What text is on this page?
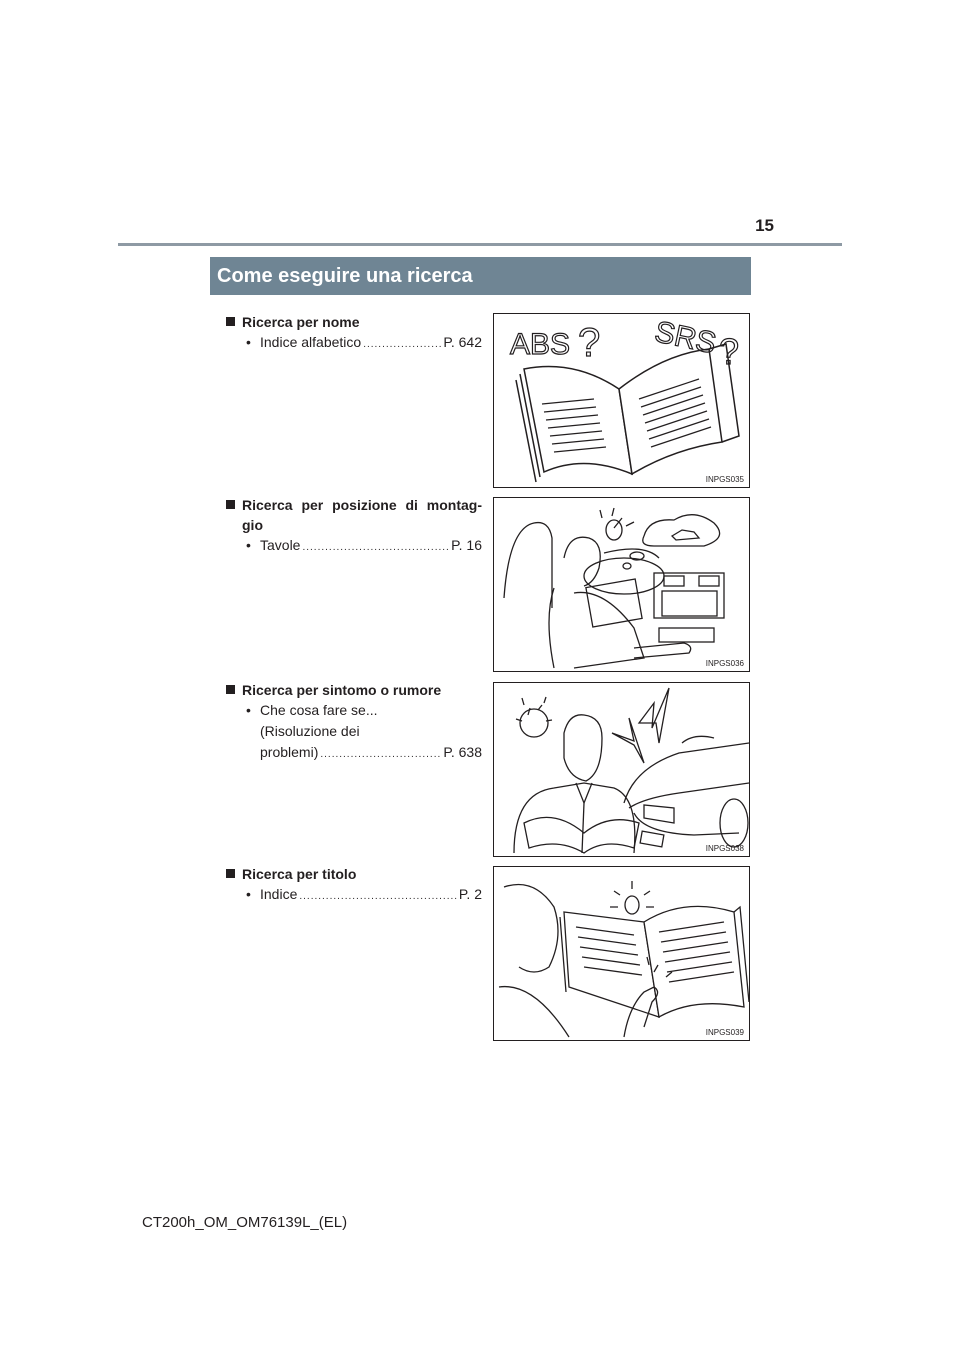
15
Come eseguire una ricerca
Ricerca per nome
• Indice alfabetico .....	P. 642 ABS ? SRS ?
INPGS035
Ricerca per posizione di montag-
gio
• Tavole .....	P. 16
INPGS036
Ricerca per sintomo o rumore
• Che cosa fare se...
(Risoluzione dei
problemi) .....	P. 638
INPGS038
Ricerca per titolo
• Indice .....	P. 2
INPGS039
CT200h_OM_OM76139L_(EL)
